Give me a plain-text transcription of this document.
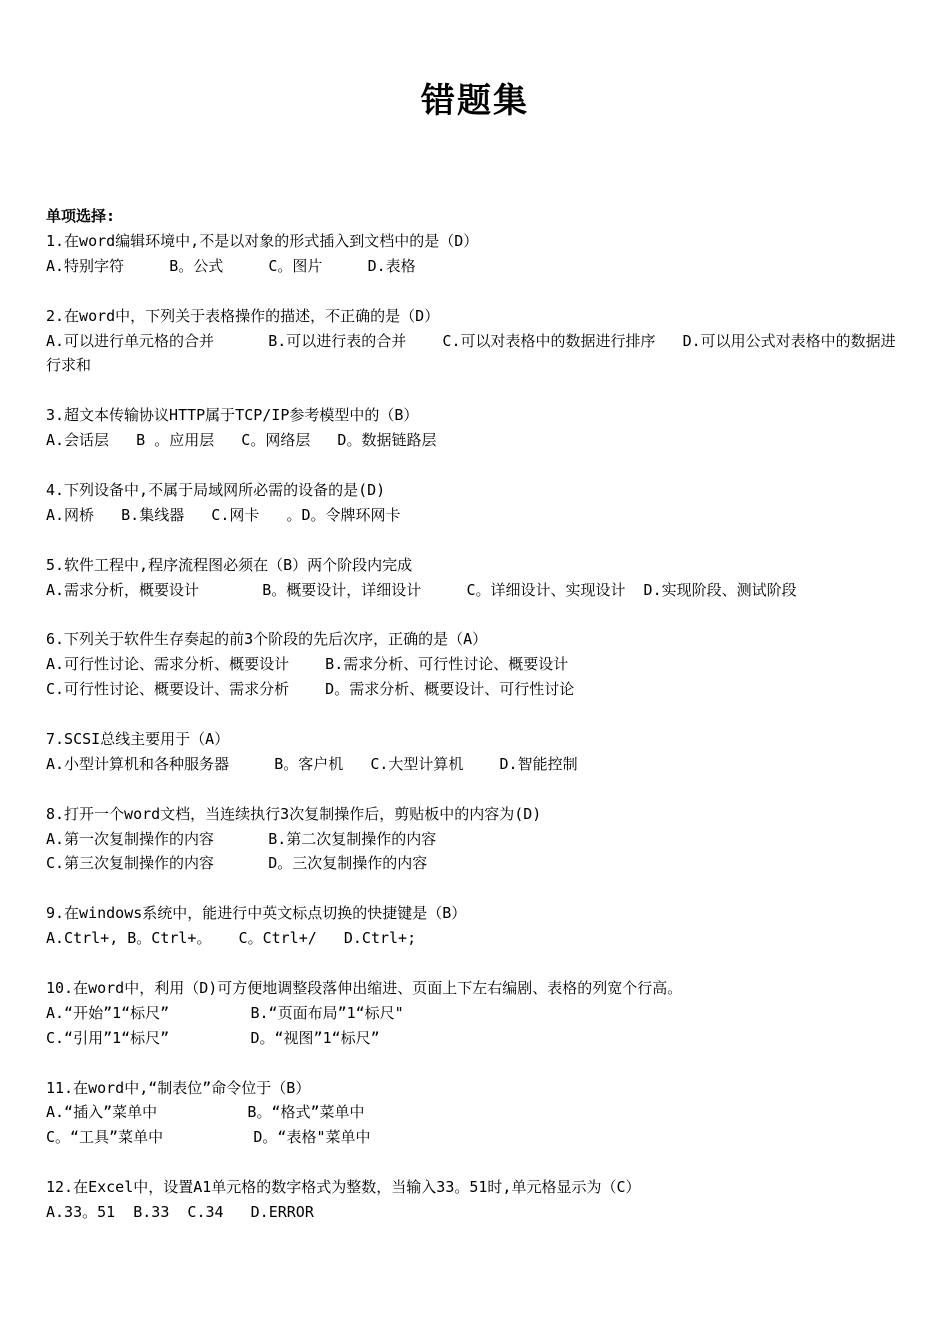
错题集
单项选择:
1.在word编辑环境中,不是以对象的形式插入到文档中的是（D）
A.特别字符     B。公式     C。图片     D.表格
2.在word中，下列关于表格操作的描述，不正确的是（D）
A.可以进行单元格的合并      B.可以进行表的合并    C.可以对表格中的数据进行排序   D.可以用公式对表格中的数据进行求和
3.超文本传输协议HTTP属于TCP/IP参考模型中的（B）
A.会话层   B 。应用层   C。网络层   D。数据链路层
4.下列设备中,不属于局域网所必需的设备的是(D)
A.网桥   B.集线器   C.网卡   。D。令牌环网卡
5.软件工程中,程序流程图必须在（B）两个阶段内完成
A.需求分析，概要设计       B。概要设计，详细设计     C。详细设计、实现设计  D.实现阶段、测试阶段
6.下列关于软件生存奏起的前3个阶段的先后次序，正确的是（A）
A.可行性讨论、需求分析、概要设计    B.需求分析、可行性讨论、概要设计
C.可行性讨论、概要设计、需求分析    D。需求分析、概要设计、可行性讨论
7.SCSI总线主要用于（A）
A.小型计算机和各种服务器     B。客户机   C.大型计算机    D.智能控制
8.打开一个word文档，当连续执行3次复制操作后，剪贴板中的内容为(D)
A.第一次复制操作的内容      B.第二次复制操作的内容
C.第三次复制操作的内容      D。三次复制操作的内容
9.在windows系统中，能进行中英文标点切换的快捷键是（B）
A.Ctrl+, B。Ctrl+。   C。Ctrl+/   D.Ctrl+;
10.在word中，利用（D)可方便地调整段落伸出缩进、页面上下左右编剧、表格的列宽个行高。
A.“开始”1“标尺”         B.“页面布局”1“标尺"
C.“引用”1“标尺”         D。“视图”1“标尺”
11.在word中,“制表位”命令位于（B）
A.“插入”菜单中          B。“格式”菜单中
C。“工具”菜单中          D。“表格"菜单中
12.在Excel中，设置A1单元格的数字格式为整数，当输入33。51时,单元格显示为（C）
A.33。51  B.33  C.34   D.ERROR
